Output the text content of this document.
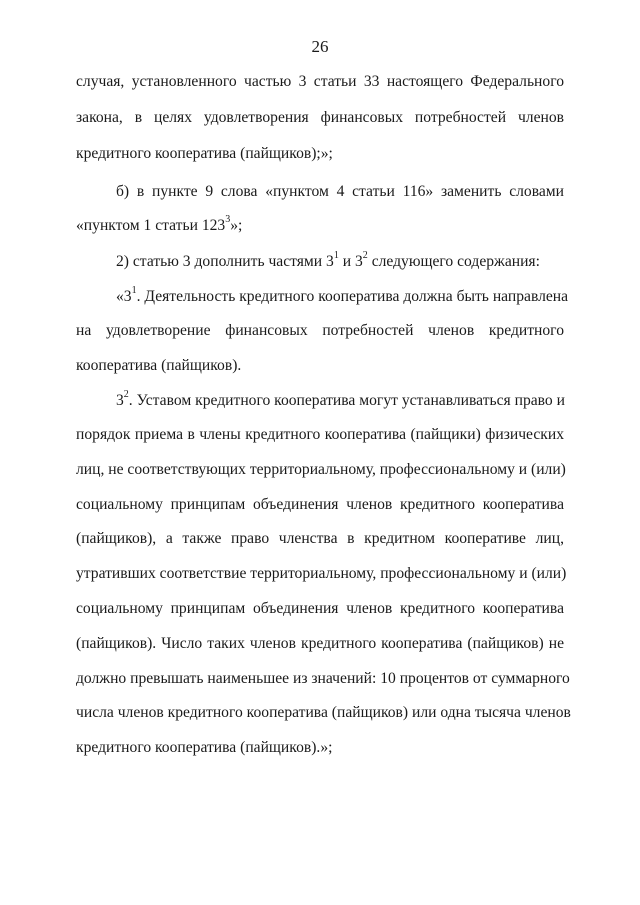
26
случая, установленного частью 3 статьи 33 настоящего Федерального
закона, в целях удовлетворения финансовых потребностей членов
кредитного кооператива (пайщиков);»;
б) в пункте 9 слова «пунктом 4 статьи 116» заменить словами
«пунктом 1 статьи $123^3$»;
2) статью 3 дополнить частями $3^1$ и $3^2$ следующего содержания:
«$3^1$. Деятельность кредитного кооператива должна быть направлена
на удовлетворение финансовых потребностей членов кредитного
кооператива (пайщиков).
$3^2$. Уставом кредитного кооператива могут устанавливаться право и
порядок приема в члены кредитного кооператива (пайщики) физических
лиц, не соответствующих территориальному, профессиональному и (или)
социальному принципам объединения членов кредитного кооператива
(пайщиков), а также право членства в кредитном кооперативе лиц,
утративших соответствие территориальному, профессиональному и (или)
социальному принципам объединения членов кредитного кооператива
(пайщиков). Число таких членов кредитного кооператива (пайщиков) не
должно превышать наименьшее из значений: 10 процентов от суммарного
числа членов кредитного кооператива (пайщиков) или одна тысяча членов
кредитного кооператива (пайщиков).»;
